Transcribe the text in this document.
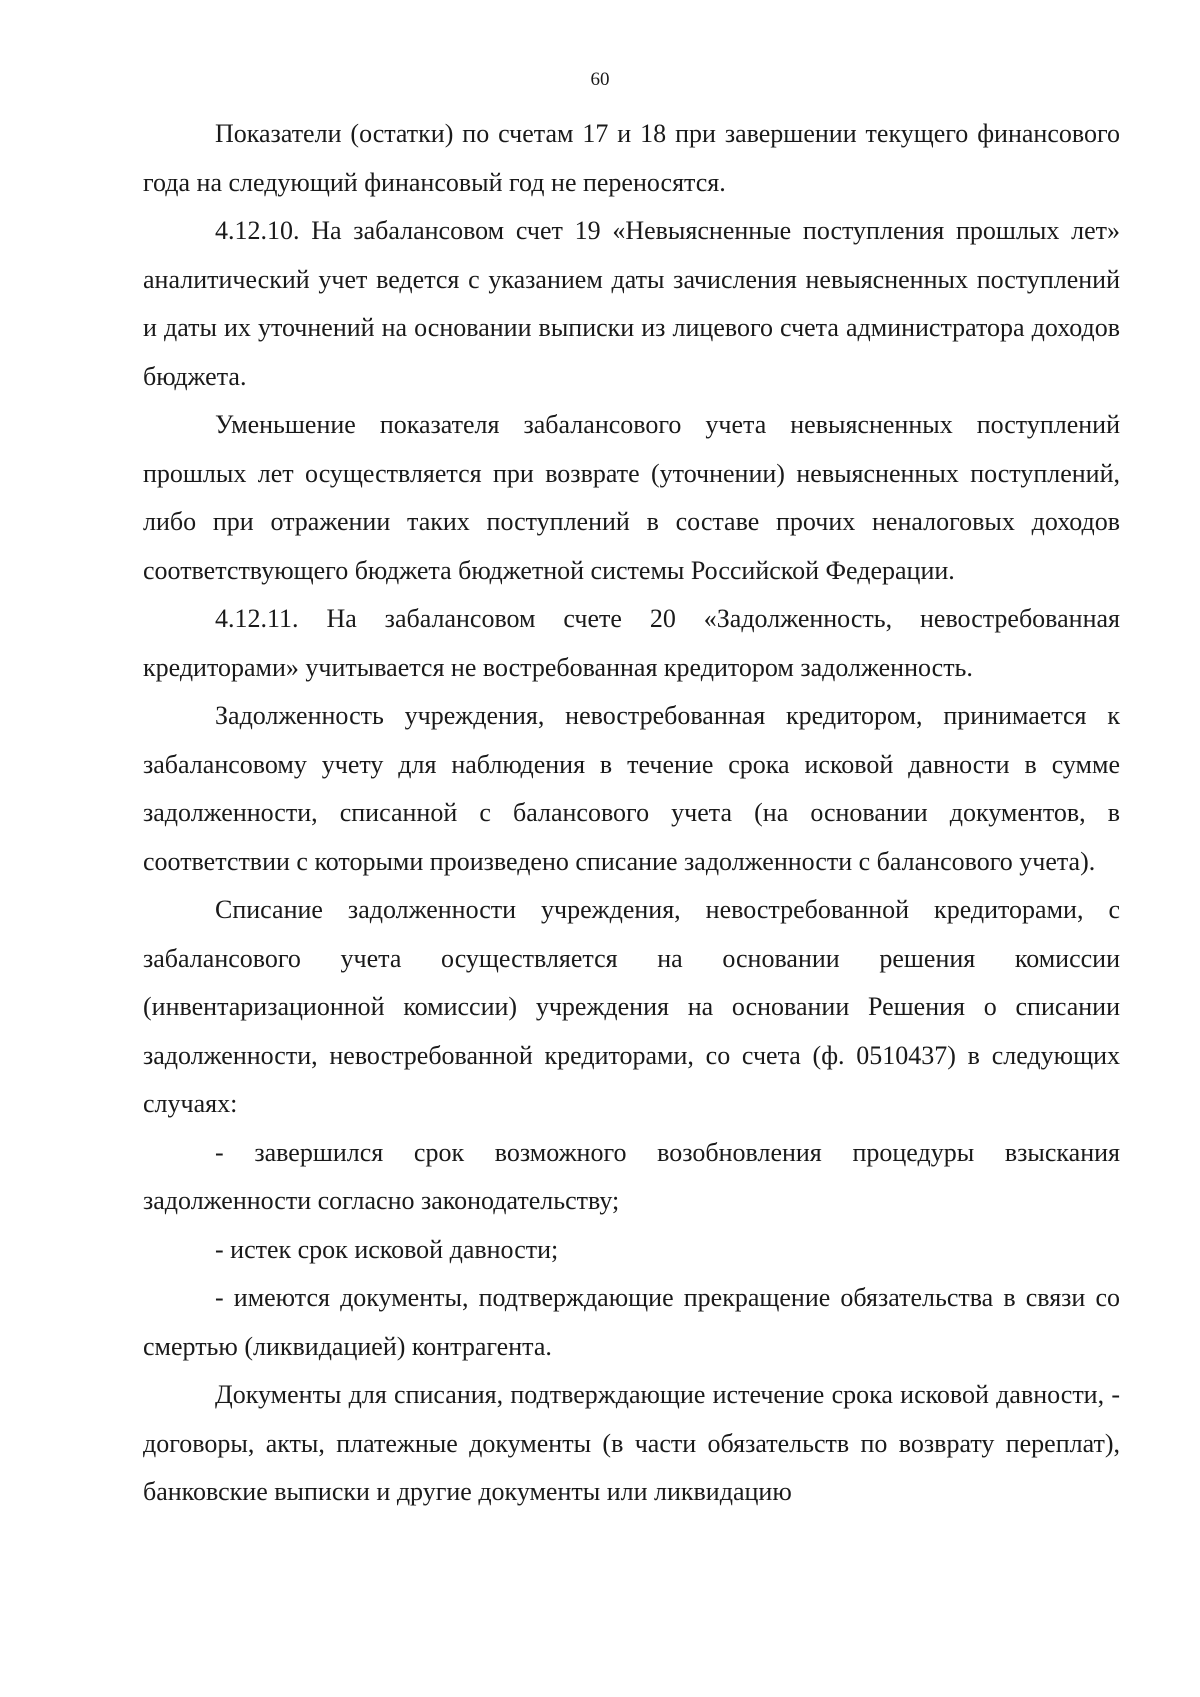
60

Показатели (остатки) по счетам 17 и 18 при завершении текущего финансового года на следующий финансовый год не переносятся.

4.12.10. На забалансовом счет 19 «Невыясненные поступления прошлых лет» аналитический учет ведется с указанием даты зачисления невыясненных поступлений и даты их уточнений на основании выписки из лицевого счета администратора доходов бюджета.

Уменьшение показателя забалансового учета невыясненных поступлений прошлых лет осуществляется при возврате (уточнении) невыясненных поступлений, либо при отражении таких поступлений в составе прочих неналоговых доходов соответствующего бюджета бюджетной системы Российской Федерации.

4.12.11. На забалансовом счете 20 «Задолженность, невостребованная кредиторами» учитывается не востребованная кредитором задолженность.

Задолженность учреждения, невостребованная кредитором, принимается к забалансовому учету для наблюдения в течение срока исковой давности в сумме задолженности, списанной с балансового учета (на основании документов, в соответствии с которыми произведено списание задолженности с балансового учета).

Списание задолженности учреждения, невостребованной кредиторами, с забалансового учета осуществляется на основании решения комиссии (инвентаризационной комиссии) учреждения на основании Решения о списании задолженности, невостребованной кредиторами, со счета (ф. 0510437) в следующих случаях:

- завершился срок возможного возобновления процедуры взыскания задолженности согласно законодательству;

- истек срок исковой давности;

- имеются документы, подтверждающие прекращение обязательства в связи со смертью (ликвидацией) контрагента.

Документы для списания, подтверждающие истечение срока исковой давности, - договоры, акты, платежные документы (в части обязательств по возврату переплат), банковские выписки и другие документы или ликвидацию
